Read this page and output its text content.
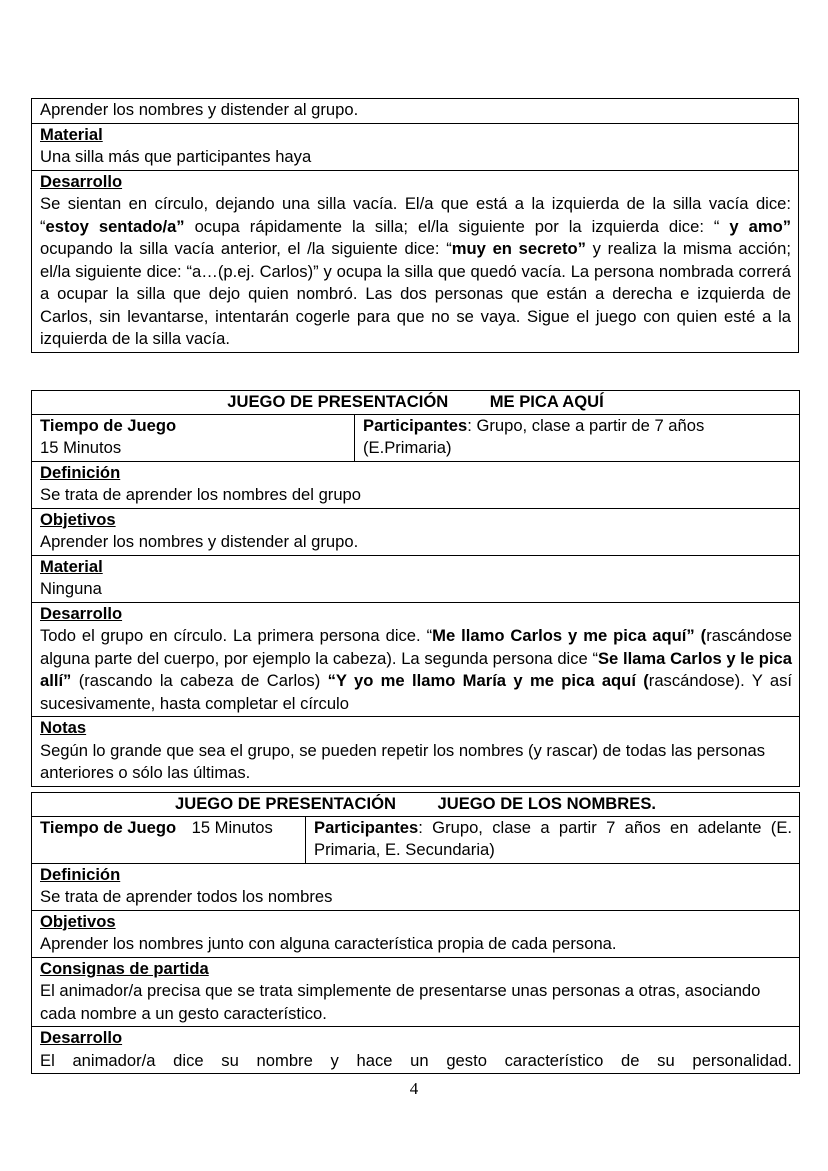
Aprender los nombres y distender al grupo.

Material
Una silla más que participantes haya

Desarrollo
Se sientan en círculo, dejando una silla vacía. El/a que está a la izquierda de la silla vacía dice: “estoy sentado/a” ocupa rápidamente la silla; el/la siguiente por la izquierda dice: “ y amo” ocupando la silla vacía anterior, el /la siguiente dice: “muy en secreto” y realiza la misma acción; el/la siguiente dice: “a…(p.ej. Carlos)” y ocupa la silla que quedó vacía. La persona nombrada correrá a ocupar la silla que dejo quien nombró. Las dos personas que están a derecha e izquierda de Carlos, sin levantarse, intentarán cogerle para que no se vaya. Sigue el juego con quien esté a la izquierda de la silla vacía.
JUEGO DE PRESENTACIÓN         ME PICA AQUÍ
Tiempo de Juego
15 Minutos	Participantes: Grupo, clase a partir de 7 años (E.Primaria)

Definición
Se trata de aprender los nombres del grupo

Objetivos
Aprender los nombres y distender al grupo.

Material
Ninguna

Desarrollo
Todo el grupo en círculo. La primera persona dice. “Me llamo Carlos y me pica aquí” (rascándose alguna parte del cuerpo, por ejemplo la cabeza). La segunda persona dice “Se llama Carlos y le pica allí” (rascando la cabeza de Carlos) “Y yo me llamo María y me pica aquí (rascándose). Y así sucesivamente, hasta completar el círculo

Notas
Según lo grande que sea el grupo, se pueden repetir los nombres (y rascar) de todas las personas anteriores o sólo las últimas.
JUEGO DE PRESENTACIÓN         JUEGO DE LOS NOMBRES.
Tiempo de Juego 15 Minutos	Participantes: Grupo, clase a partir 7 años en adelante (E. Primaria, E. Secundaria)

Definición
Se trata de aprender todos los nombres

Objetivos
Aprender los nombres junto con alguna característica propia de cada persona.

Consignas de partida
El animador/a precisa que se trata simplemente de presentarse unas personas a otras, asociando cada nombre a un gesto característico.

Desarrollo
El animador/a dice su nombre y hace un gesto característico de su personalidad.
4
